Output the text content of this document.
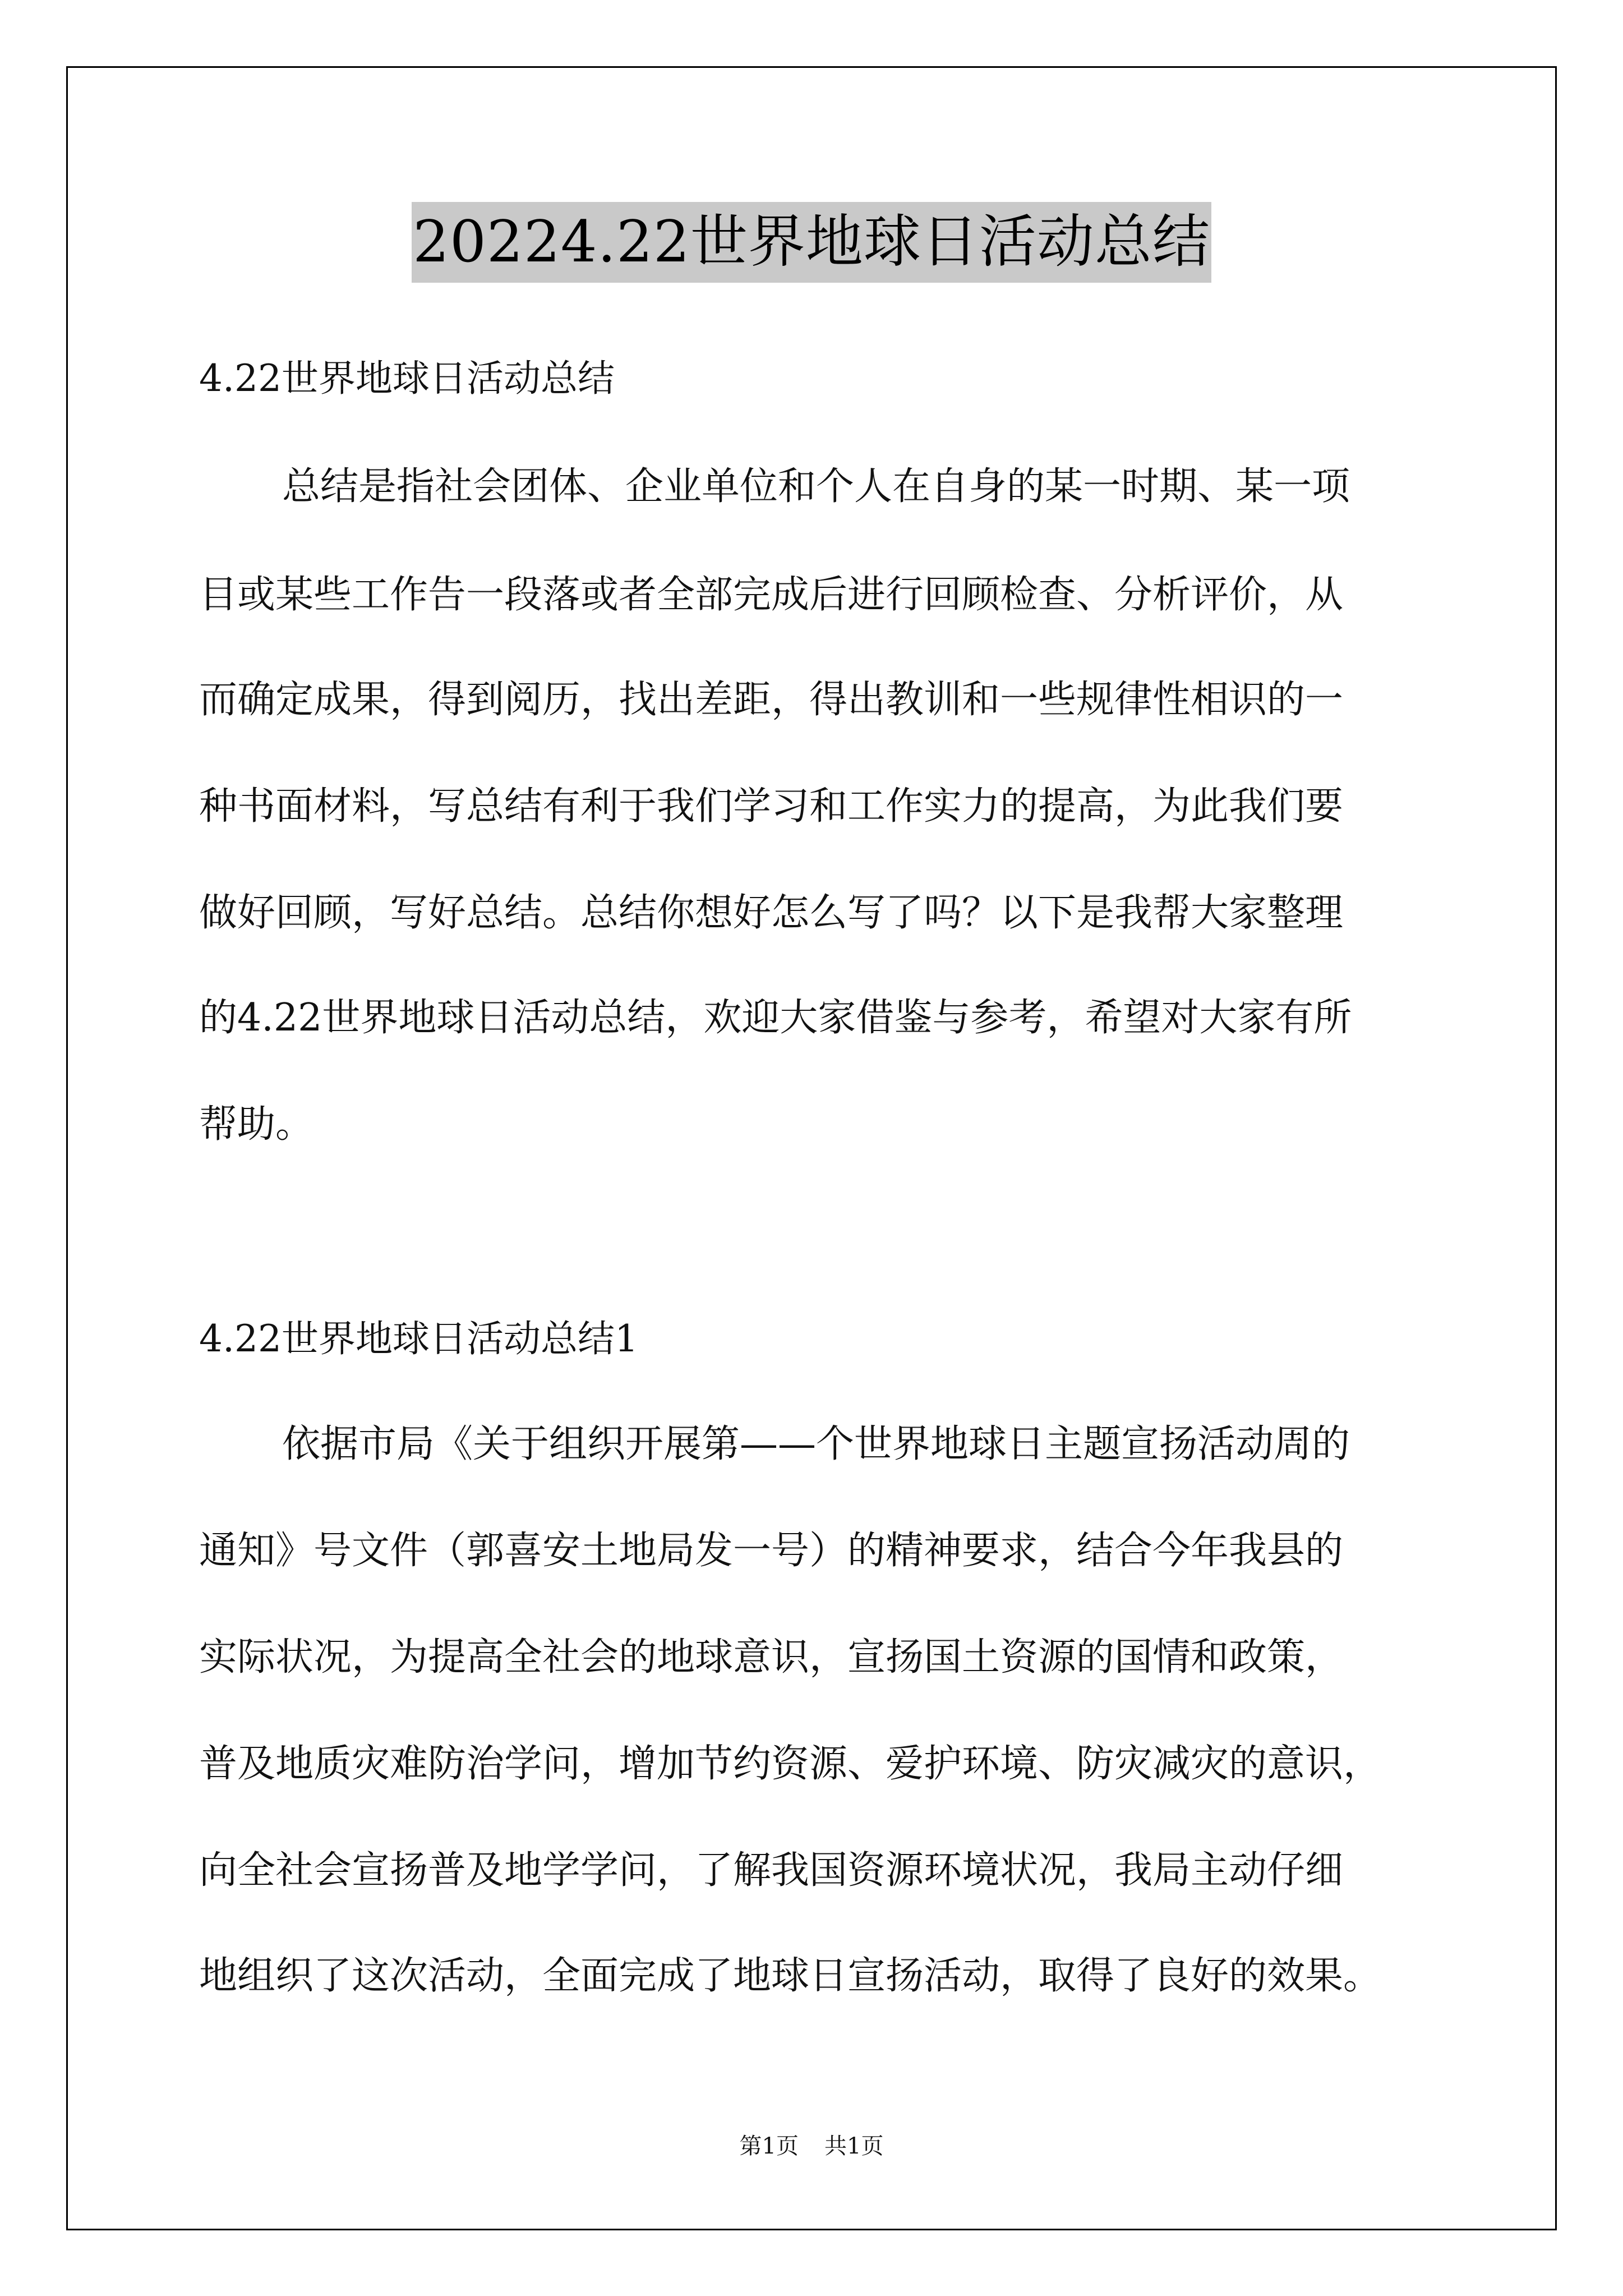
20224.22世界地球日活动总结
4.22世界地球日活动总结
总结是指社会团体、企业单位和个人在自身的某一时期、某一项
目或某些工作告一段落或者全部完成后进行回顾检查、分析评价，从
而确定成果，得到阅历，找出差距，得出教训和一些规律性相识的一
种书面材料，写总结有利于我们学习和工作实力的提高，为此我们要
做好回顾，写好总结。总结你想好怎么写了吗？以下是我帮大家整理
的4.22世界地球日活动总结，欢迎大家借鉴与参考，希望对大家有所
帮助。
4.22世界地球日活动总结1
依据市局《关于组织开展第——个世界地球日主题宣扬活动周的
通知》号文件（郭喜安土地局发一号）的精神要求，结合今年我县的
实际状况，为提高全社会的地球意识，宣扬国土资源的国情和政策，
普及地质灾难防治学问，增加节约资源、爱护环境、防灾减灾的意识，
向全社会宣扬普及地学学问，了解我国资源环境状况，我局主动仔细
地组织了这次活动，全面完成了地球日宣扬活动，取得了良好的效果。
第1页 共1页
